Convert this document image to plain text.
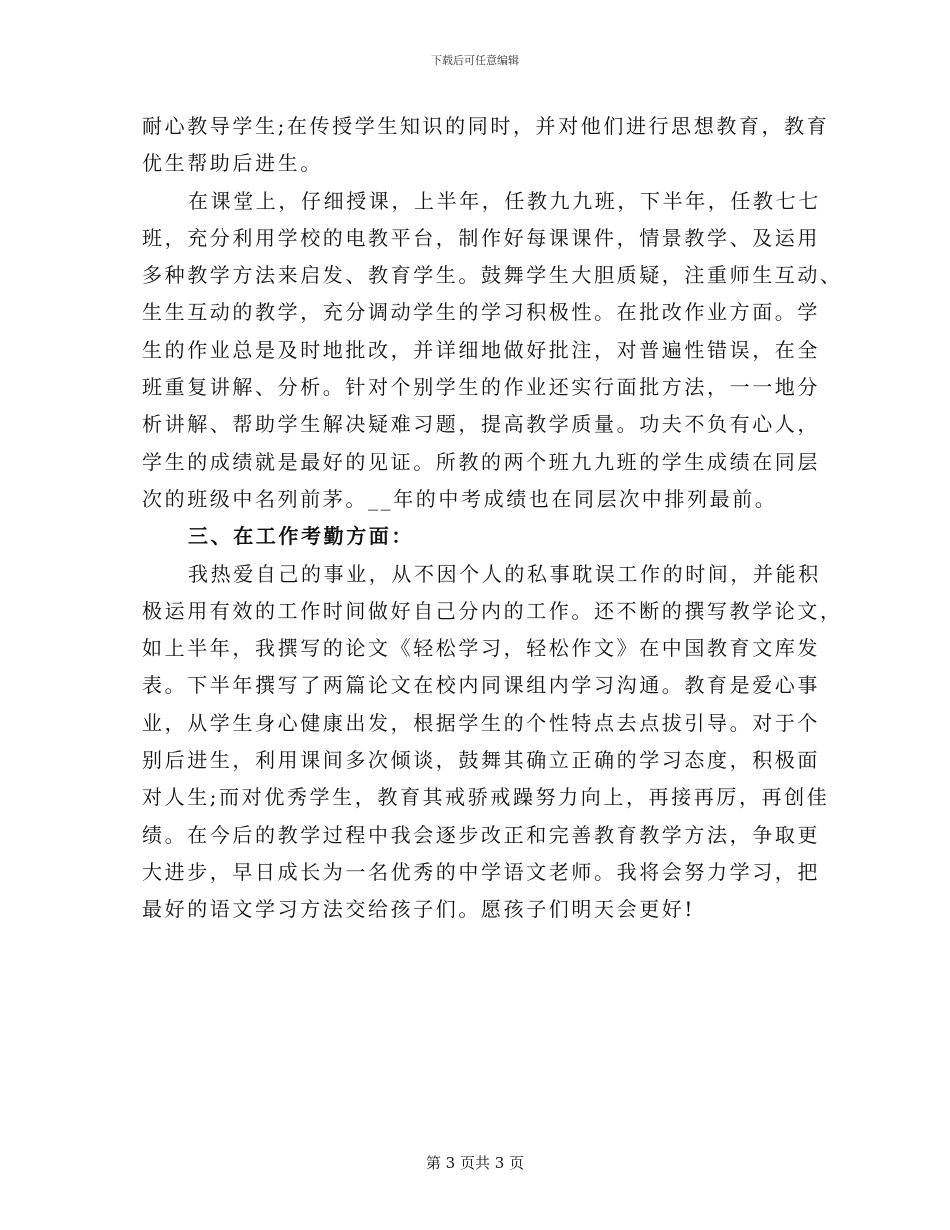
下载后可任意编辑
耐心教导学生;在传授学生知识的同时，并对他们进行思想教育，教育
优生帮助后进生。
在课堂上，仔细授课，上半年，任教九九班，下半年，任教七七
班，充分利用学校的电教平台，制作好每课课件，情景教学、及运用
多种教学方法来启发、教育学生。鼓舞学生大胆质疑，注重师生互动、
生生互动的教学，充分调动学生的学习积极性。在批改作业方面。学
生的作业总是及时地批改，并详细地做好批注，对普遍性错误，在全
班重复讲解、分析。针对个别学生的作业还实行面批方法，一一地分
析讲解、帮助学生解决疑难习题，提高教学质量。功夫不负有心人，
学生的成绩就是最好的见证。所教的两个班九九班的学生成绩在同层
次的班级中名列前茅。__年的中考成绩也在同层次中排列最前。
三、在工作考勤方面：
我热爱自己的事业，从不因个人的私事耽误工作的时间，并能积
极运用有效的工作时间做好自己分内的工作。还不断的撰写教学论文，
如上半年，我撰写的论文《轻松学习，轻松作文》在中国教育文库发
表。下半年撰写了两篇论文在校内同课组内学习沟通。教育是爱心事
业，从学生身心健康出发，根据学生的个性特点去点拔引导。对于个
别后进生，利用课间多次倾谈，鼓舞其确立正确的学习态度，积极面
对人生;而对优秀学生，教育其戒骄戒躁努力向上，再接再厉，再创佳
绩。在今后的教学过程中我会逐步改正和完善教育教学方法，争取更
大进步，早日成长为一名优秀的中学语文老师。我将会努力学习，把
最好的语文学习方法交给孩子们。愿孩子们明天会更好!
第 3 页共 3 页
